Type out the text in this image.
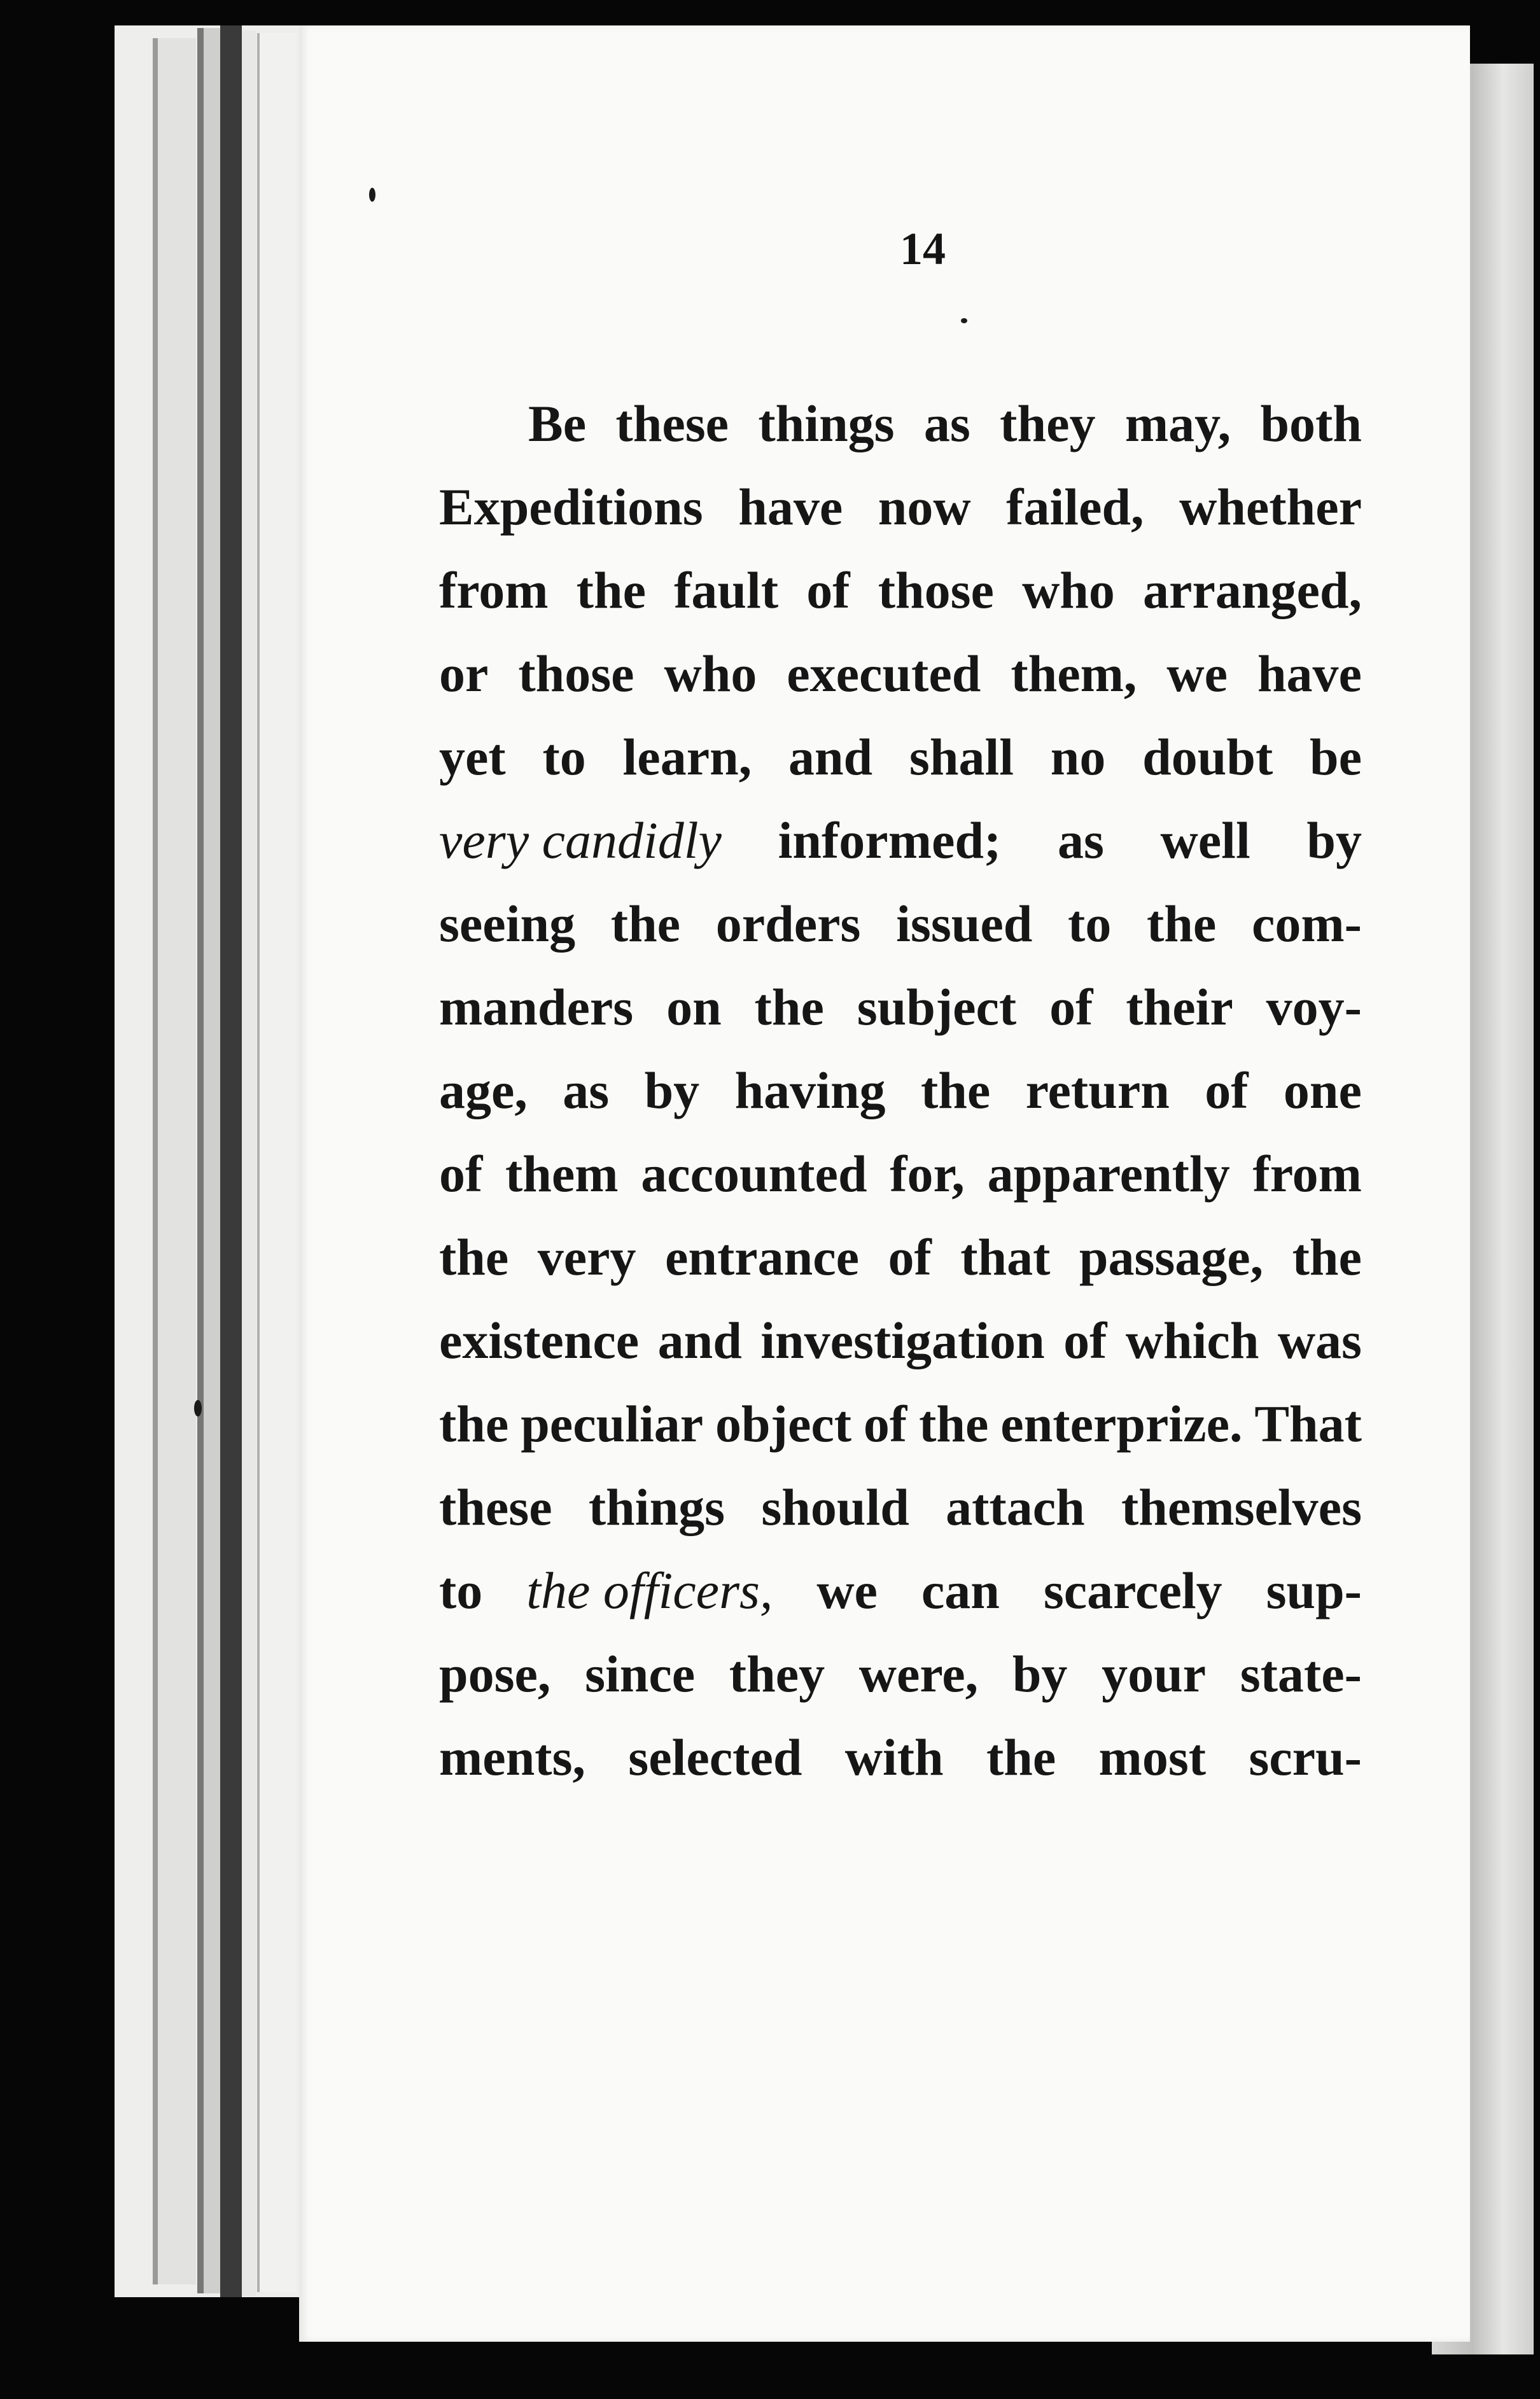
14
Be these things as they may, both
Expeditions have now failed, whether
from the fault of those who arranged,
or those who executed them, we have
yet to learn, and shall no doubt be
very candidly informed; as well by
seeing the orders issued to the com-
manders on the subject of their voy-
age, as by having the return of one
of them accounted for, apparently from
the very entrance of that passage, the
existence and investigation of which was
the peculiar object of the enterprize. That
these things should attach themselves
to the officers, we can scarcely sup-
pose, since they were, by your state-
ments, selected with the most scru-
